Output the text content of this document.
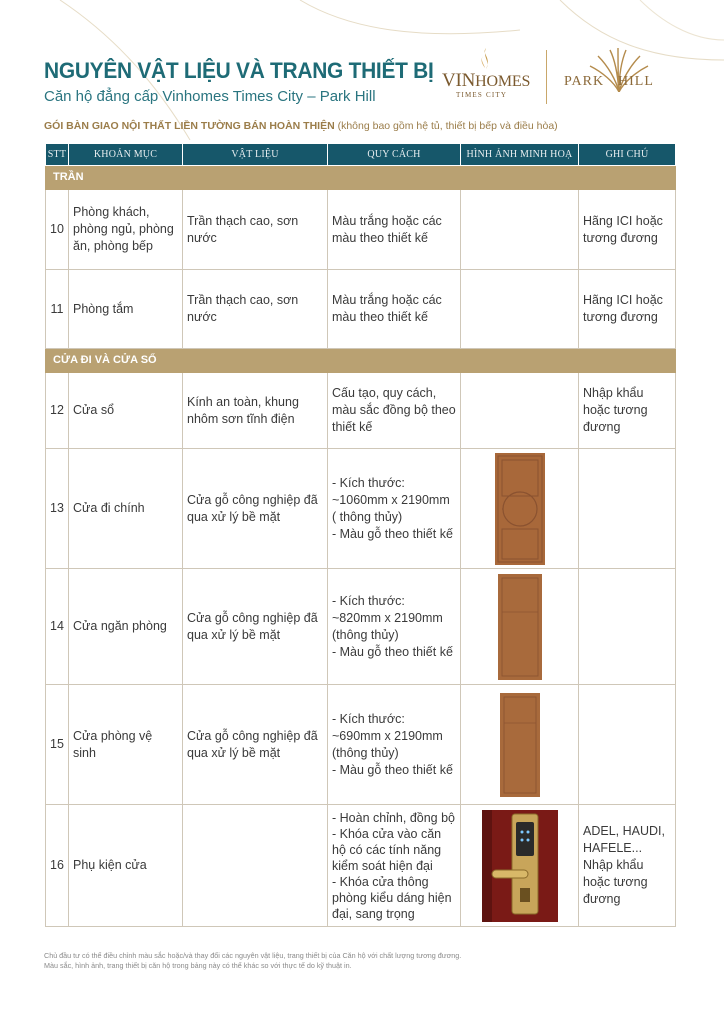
NGUYÊN VẬT LIỆU VÀ TRANG THIẾT BỊ
Căn hộ đẳng cấp Vinhomes Times City – Park Hill
VINHOMES
TIMES CITY
PARK HILL
GÓI BÀN GIAO NỘI THẤT LIỀN TƯỜNG BÁN HOÀN THIỆN (không bao gồm hệ tủ, thiết bị bếp và điều hòa)
STT	KHOẢN MỤC	VẬT LIỆU	QUY CÁCH	HÌNH ẢNH MINH HOẠ	GHI CHÚ
TRẦN					
10	Phòng khách, phòng ngủ, phòng ăn, phòng bếp	Trần thạch cao, sơn nước	Màu trắng hoặc các màu theo thiết kế		Hãng ICI hoặc tương đương
11	Phòng tắm	Trần thạch cao, sơn nước	Màu trắng hoặc các màu theo thiết kế		Hãng ICI hoặc tương đương
CỬA ĐI VÀ CỬA SỔ					
12	Cửa sổ	Kính an toàn, khung nhôm sơn tĩnh điện	Cấu tạo, quy cách, màu sắc đồng bộ theo thiết kế		Nhập khẩu hoặc tương đương
13	Cửa đi chính	Cửa gỗ công nghiệp đã qua xử lý bề mặt	- Kích thước:
~1060mm x 2190mm
( thông thủy)
- Màu gỗ theo thiết kế

14	Cửa ngăn phòng	Cửa gỗ công nghiệp đã qua xử lý bề mặt	- Kích thước:
~820mm x 2190mm
(thông thủy)
- Màu gỗ theo thiết kế

15	Cửa phòng vệ sinh	Cửa gỗ công nghiệp đã qua xử lý bề mặt	- Kích thước:
~690mm x 2190mm
(thông thủy)
- Màu gỗ theo thiết kế

16	Phụ kiện cửa		- Hoàn chỉnh, đồng bộ
- Khóa cửa vào căn hộ có các tính năng kiểm soát hiện đại
- Khóa cửa thông phòng kiểu dáng hiện đại, sang trọng		ADEL, HAUDI, HAFELE... Nhập khẩu hoặc tương đương
Chủ đầu tư có thể điều chỉnh màu sắc hoặc/và thay đổi các nguyên vật liệu, trang thiết bị của Căn hộ với chất lượng tương đương. Màu sắc, hình ảnh, trang thiết bị căn hộ trong bảng này có thể khác so với thực tế do kỹ thuật in.
